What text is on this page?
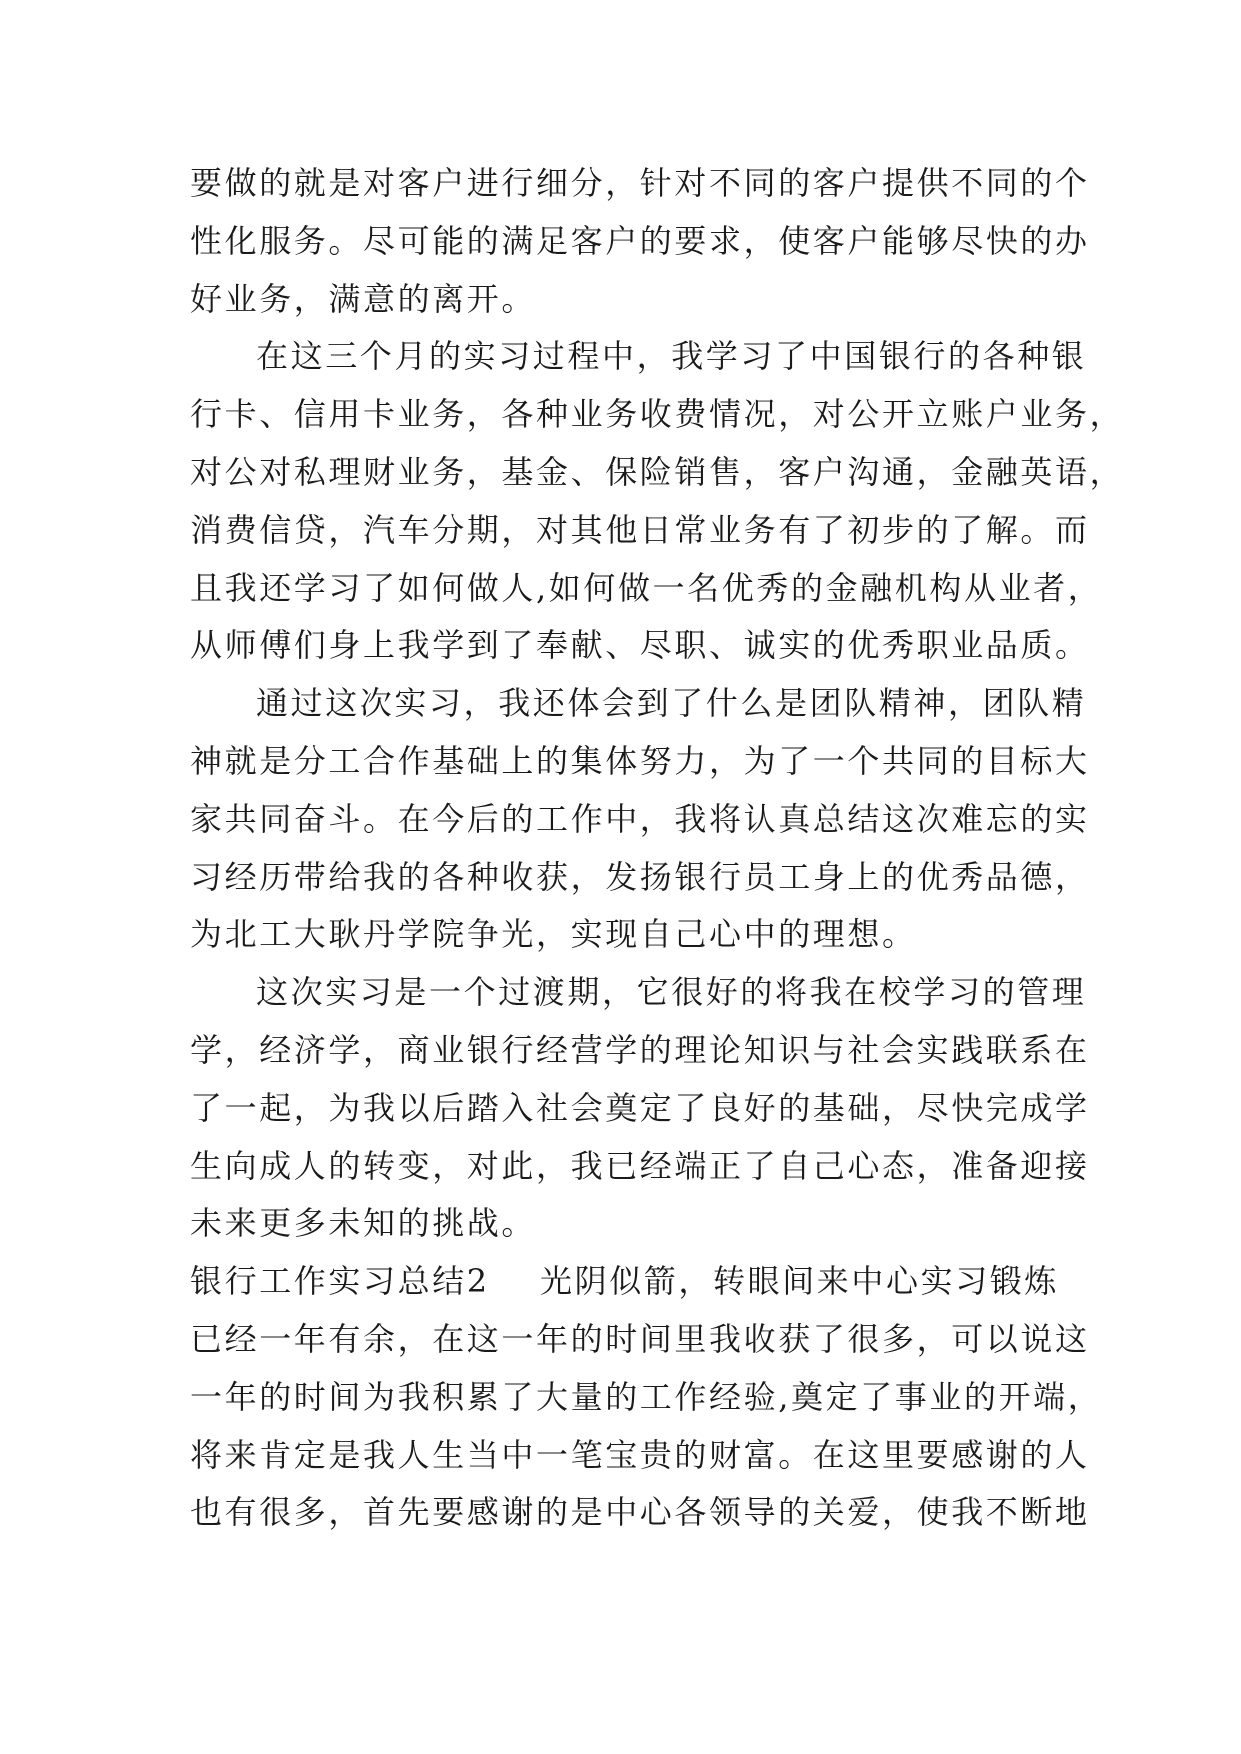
要做的就是对客户进行细分，针对不同的客户提供不同的个
性化服务。尽可能的满足客户的要求，使客户能够尽快的办
好业务，满意的离开。
在这三个月的实习过程中，我学习了中国银行的各种银
行卡、信用卡业务，各种业务收费情况，对公开立账户业务，
对公对私理财业务，基金、保险销售，客户沟通，金融英语，
消费信贷，汽车分期，对其他日常业务有了初步的了解。而
且我还学习了如何做人,如何做一名优秀的金融机构从业者，
从师傅们身上我学到了奉献、尽职、诚实的优秀职业品质。
通过这次实习，我还体会到了什么是团队精神，团队精
神就是分工合作基础上的集体努力，为了一个共同的目标大
家共同奋斗。在今后的工作中，我将认真总结这次难忘的实
习经历带给我的各种收获，发扬银行员工身上的优秀品德，
为北工大耿丹学院争光，实现自己心中的理想。
这次实习是一个过渡期，它很好的将我在校学习的管理
学，经济学，商业银行经营学的理论知识与社会实践联系在
了一起，为我以后踏入社会奠定了良好的基础，尽快完成学
生向成人的转变，对此，我已经端正了自己心态，准备迎接
未来更多未知的挑战。
银行工作实习总结2 光阴似箭，转眼间来中心实习锻炼
已经一年有余，在这一年的时间里我收获了很多，可以说这
一年的时间为我积累了大量的工作经验,奠定了事业的开端，
将来肯定是我人生当中一笔宝贵的财富。在这里要感谢的人
也有很多，首先要感谢的是中心各领导的关爱，使我不断地
